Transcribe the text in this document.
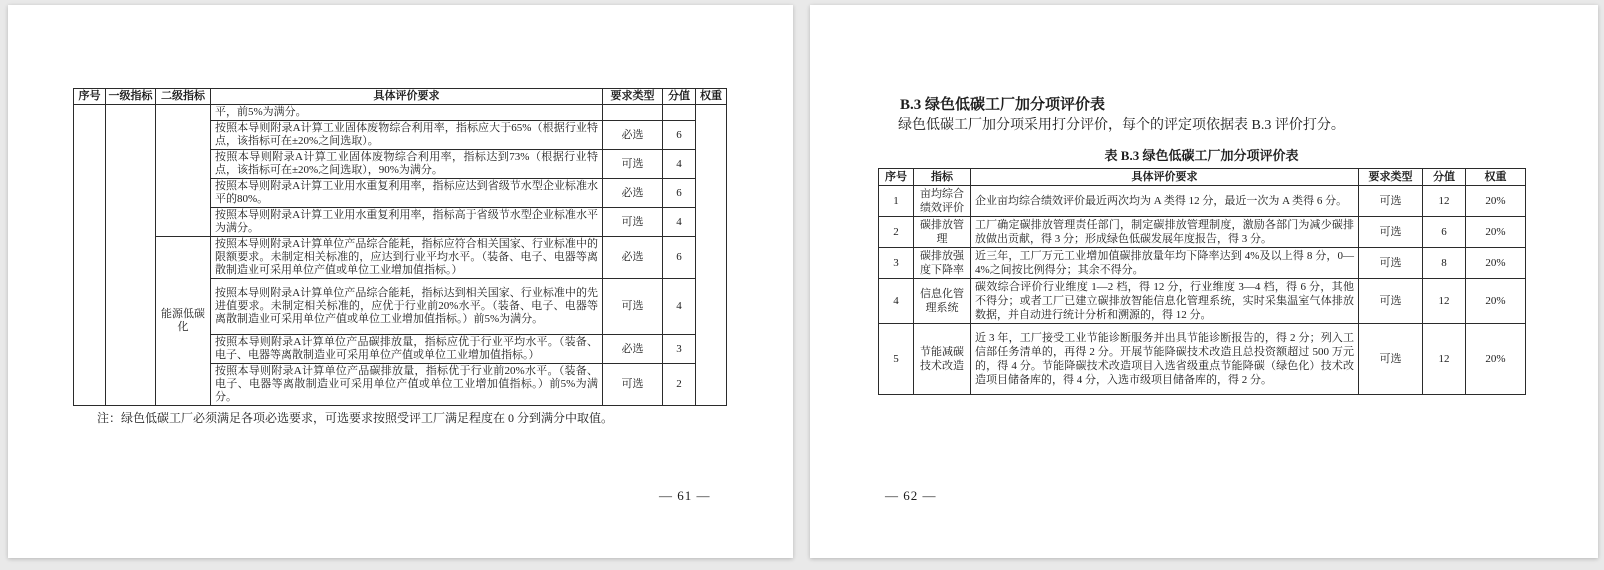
序号	一级指标	二级指标	具体评价要求	要求类型	分值	权重
			平，前5%为满分。			
			按照本导则附录A计算工业固体废物综合利用率，指标应大于65%（根据行业特点，该指标可在±20%之间选取）。	必选	6	
			按照本导则附录A计算工业固体废物综合利用率，指标达到73%（根据行业特点，该指标可在±20%之间选取），90%为满分。	可选	4	
			按照本导则附录A计算工业用水重复利用率，指标应达到省级节水型企业标准水平的80%。	必选	6	
			按照本导则附录A计算工业用水重复利用率，指标高于省级节水型企业标准水平为满分。	可选	4	
		能源低碳化	按照本导则附录A计算单位产品综合能耗，指标应符合相关国家、行业标准中的限额要求。未制定相关标准的，应达到行业平均水平。（装备、电子、电器等离散制造业可采用单位产值或单位工业增加值指标。）	必选	6	
			按照本导则附录A计算单位产品综合能耗，指标达到相关国家、行业标准中的先进值要求。未制定相关标准的，应优于行业前20%水平。（装备、电子、电器等离散制造业可采用单位产值或单位工业增加值指标。）前5%为满分。	可选	4	
			按照本导则附录A计算单位产品碳排放量，指标应优于行业平均水平。（装备、电子、电器等离散制造业可采用单位产值或单位工业增加值指标。）	必选	3	
			按照本导则附录A计算单位产品碳排放量，指标优于行业前20%水平。（装备、电子、电器等离散制造业可采用单位产值或单位工业增加值指标。）前5%为满分。	可选	2	
注：绿色低碳工厂必须满足各项必选要求，可选要求按照受评工厂满足程度在 0 分到满分中取值。
— 61 —
B.3 绿色低碳工厂加分项评价表
绿色低碳工厂加分项采用打分评价，每个的评定项依据表 B.3 评价打分。
表 B.3 绿色低碳工厂加分项评价表
序号	指标	具体评价要求	要求类型	分值	权重
1	亩均综合绩效评价	企业亩均综合绩效评价最近两次均为 A 类得 12 分，最近一次为 A 类得 6 分。	可选	12	20%
2	碳排放管理	工厂确定碳排放管理责任部门，制定碳排放管理制度，激励各部门为减少碳排放做出贡献，得 3 分；形成绿色低碳发展年度报告，得 3 分。	可选	6	20%
3	碳排放强度下降率	近三年，工厂万元工业增加值碳排放量年均下降率达到 4%及以上得 8 分，0—4%之间按比例得分；其余不得分。	可选	8	20%
4	信息化管理系统	碳效综合评价行业维度 1—2 档，得 12 分，行业维度 3—4 档，得 6 分，其他不得分；或者工厂已建立碳排放智能信息化管理系统，实时采集温室气体排放数据，并自动进行统计分析和溯源的，得 12 分。	可选	12	20%
5	节能减碳技术改造	近 3 年，工厂接受工业节能诊断服务并出具节能诊断报告的，得 2 分；列入工信部任务清单的，再得 2 分。开展节能降碳技术改造且总投资额超过 500 万元的，得 4 分。节能降碳技术改造项目入选省级重点节能降碳（绿色化）技术改造项目储备库的，得 4 分，入选市级项目储备库的，得 2 分。	可选	12	20%
— 62 —
